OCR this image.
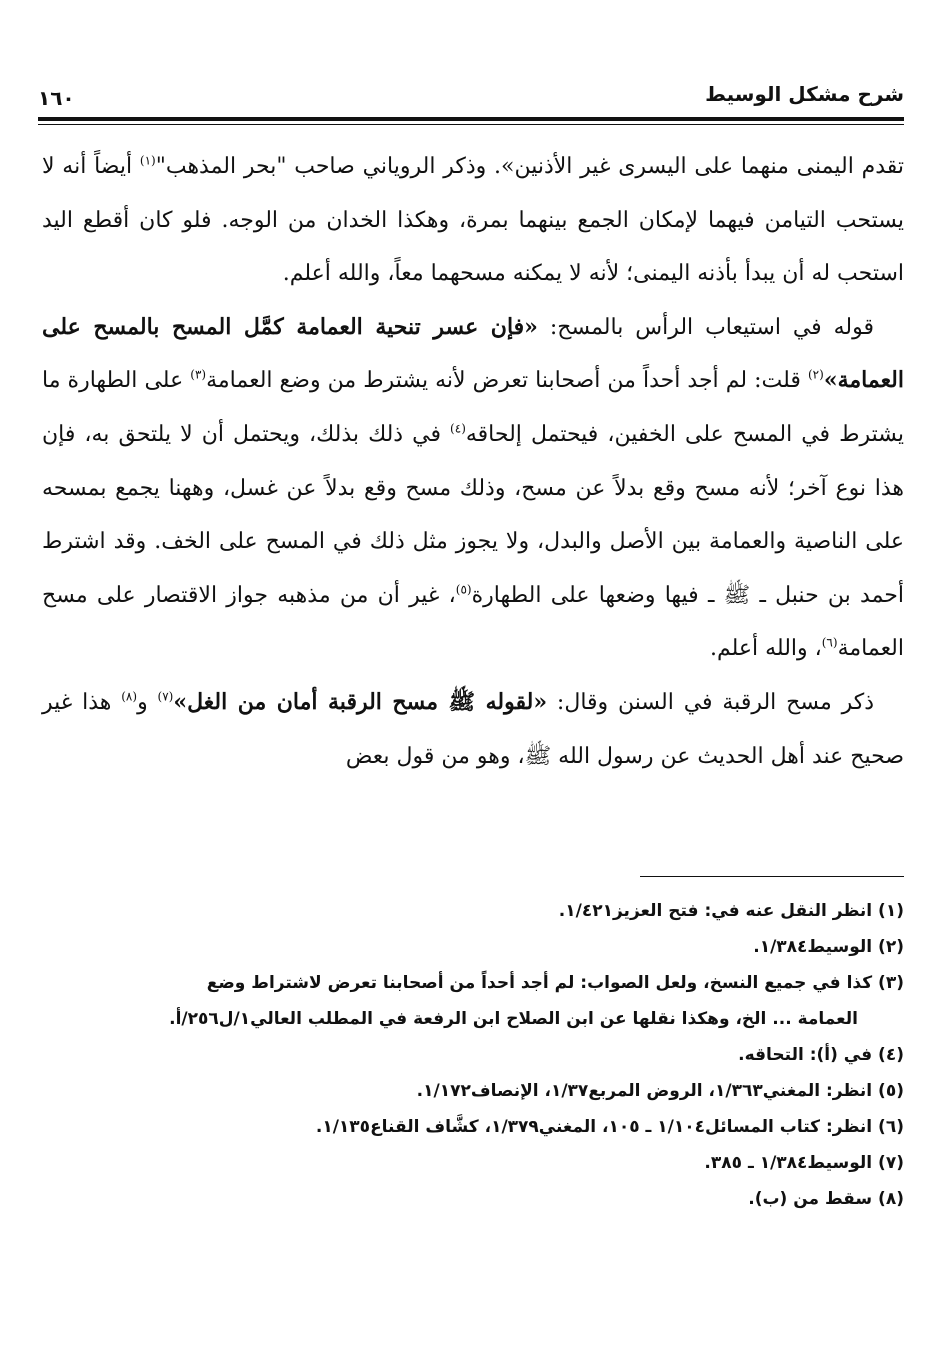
شرح مشكل الوسيط
١٦٠

تقدم اليمنى منهما على اليسرى غير الأذنين». وذكر الروياني صاحب "بحر المذهب"$^{(١)}$ أيضاً أنه لا يستحب التيامن فيهما لإمكان الجمع بينهما بمرة، وهكذا الخدان من الوجه. فلو كان أقطع اليد استحب له أن يبدأ بأذنه اليمنى؛ لأنه لا يمكنه مسحهما معاً، والله أعلم.

قوله في استيعاب الرأس بالمسح: «فإن عسر تنحية العمامة كمَّل المسح بالمسح على العمامة»$^{(٢)}$ قلت: لم أجد أحداً من أصحابنا تعرض لأنه يشترط من وضع العمامة$^{(٣)}$ على الطهارة ما يشترط في المسح على الخفين، فيحتمل إلحاقه$^{(٤)}$ في ذلك بذلك، ويحتمل أن لا يلتحق به، فإن هذا نوع آخر؛ لأنه مسح وقع بدلاً عن مسح، وذلك مسح وقع بدلاً عن غسل، وههنا يجمع بمسحه على الناصية والعمامة بين الأصل والبدل، ولا يجوز مثل ذلك في المسح على الخف. وقد اشترط أحمد بن حنبل ـ ﷺ ـ فيها وضعها على الطهارة$^{(٥)}$، غير أن من مذهبه جواز الاقتصار على مسح العمامة$^{(٦)}$، والله أعلم.

ذكر مسح الرقبة في السنن وقال: «لقوله ﷺ مسح الرقبة أمان من الغل»$^{(٧)}$ و$^{(٨)}$ هذا غير صحيح عند أهل الحديث عن رسول الله ﷺ، وهو من قول بعض

(١) انظر النقل عنه في: فتح العزيز١/٤٢١.

(٢) الوسيط١/٣٨٤.

(٣) كذا في جميع النسخ، ولعل الصواب: لم أجد أحداً من أصحابنا تعرض لاشتراط وضع

العمامة ... الخ، وهكذا نقلها عن ابن الصلاح ابن الرفعة في المطلب العالي١/ل٢٥٦/أ.

(٤) في (أ): التحاقه.

(٥) انظر: المغني١/٣٦٣، الروض المربع١/٣٧، الإنصاف١/١٧٢.

(٦) انظر: كتاب المسائل١/١٠٤ ـ ١٠٥، المغني١/٣٧٩، كشَّاف القناع١/١٣٥.

(٧) الوسيط١/٣٨٤ ـ ٣٨٥.

(٨) سقط من (ب).
